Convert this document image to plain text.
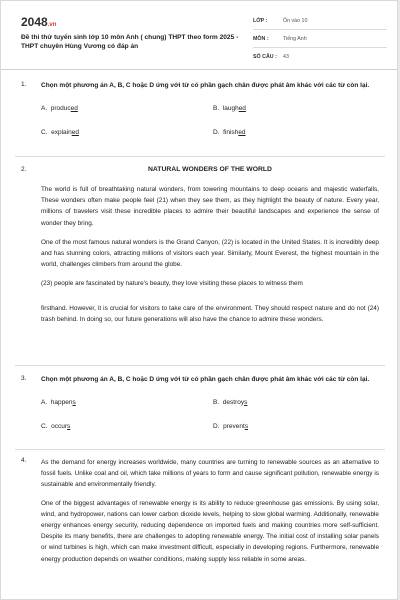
2048.vn
Đề thi thử tuyển sinh lớp 10 môn Anh ( chung) THPT theo form 2025 - THPT chuyên Hùng Vương có đáp án
LỚP :	Ôn vào 10
MÔN :	Tiếng Anh
SỐ CÂU :	43
1.	Chọn một phương án A, B, C hoặc D ứng với từ có phần gạch chân được phát âm khác với các từ còn lại.

A. produced	B. laughed
C. explained	D. finished
2.	NATURAL WONDERS OF THE WORLD

The world is full of breathtaking natural wonders, from towering mountains to deep oceans and majestic waterfalls. These wonders often make people feel (21) when they see them, as they highlight the beauty of nature. Every year, millions of travelers visit these incredible places to admire their beautiful landscapes and experience the sense of wonder they bring.

One of the most famous natural wonders is the Grand Canyon, (22) is located in the United States. It is incredibly deep and has stunning colors, attracting millions of visitors each year. Similarly, Mount Everest, the highest mountain in the world, challenges climbers from around the globe.

(23) people are fascinated by nature's beauty, they love visiting these places to witness them

firsthand. However, it is crucial for visitors to take care of the environment. They should respect nature and do not (24) trash behind. In doing so, our future generations will also have the chance to admire these wonders.

3.	Chọn một phương án A, B, C hoặc D ứng với từ có phần gạch chân được phát âm khác với các từ còn lại.

A. happens	B. destroys
C. occurs	D. prevents
4.	As the demand for energy increases worldwide, many countries are turning to renewable sources as an alternative to fossil fuels. Unlike coal and oil, which take millions of years to form and cause significant pollution, renewable energy is sustainable and environmentally friendly.

One of the biggest advantages of renewable energy is its ability to reduce greenhouse gas emissions. By using solar, wind, and hydropower, nations can lower carbon dioxide levels, helping to slow global warming. Additionally, renewable energy enhances energy security, reducing dependence on imported fuels and making countries more self-sufficient. Despite its many benefits, there are challenges to adopting renewable energy. The initial cost of installing solar panels or wind turbines is high, which can make investment difficult, especially in developing regions. Furthermore, renewable energy production depends on weather conditions, making supply less reliable in some areas.
